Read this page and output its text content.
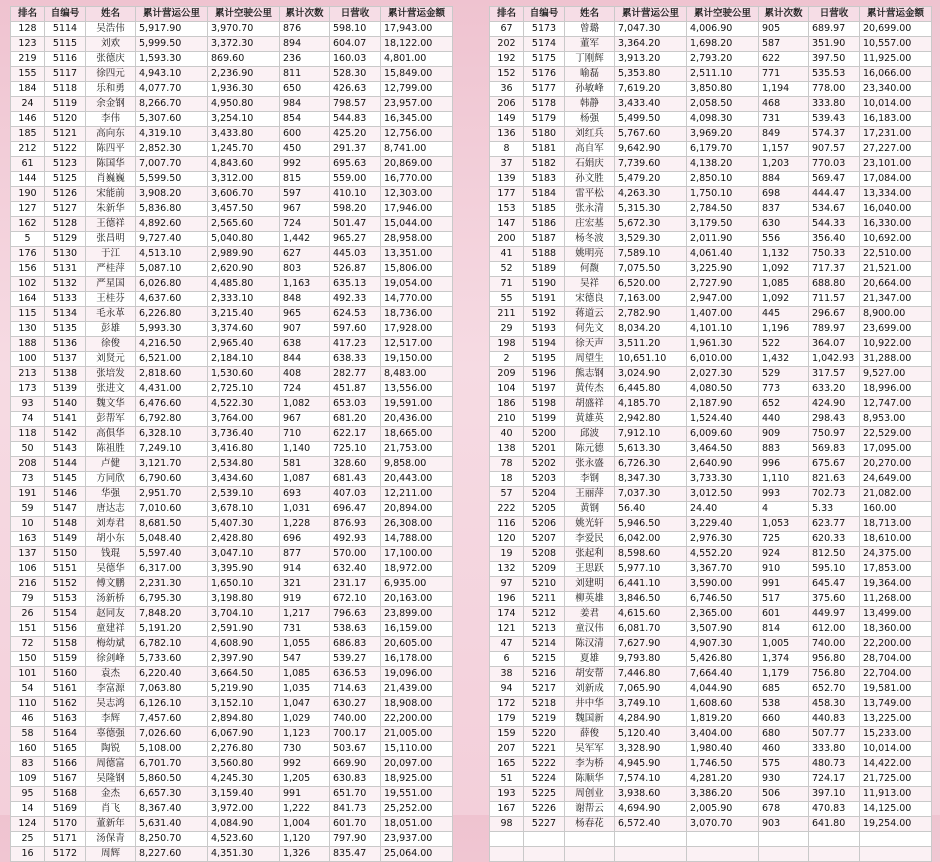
排名	自编号	姓名	累计营运公里	累计空驶公里	累计次数	日营收	累计营运金额
128	5114	吴浩伟	5,917.90	3,970.70	876	598.10	17,943.00
123	5115	刘欢	5,999.50	3,372.30	894	604.07	18,122.00
219	5116	张德庆	1,593.30	869.60	236	160.03	4,801.00
155	5117	徐四元	4,943.10	2,236.90	811	528.30	15,849.00
184	5118	乐和勇	4,077.70	1,936.30	650	426.63	12,799.00
24	5119	余金钢	8,266.70	4,950.80	984	798.57	23,957.00
146	5120	李伟	5,307.60	3,254.10	854	544.83	16,345.00
185	5121	高向东	4,319.10	3,433.80	600	425.20	12,756.00
212	5122	陈四平	2,852.30	1,245.70	450	291.37	8,741.00
61	5123	陈国华	7,007.70	4,843.60	992	695.63	20,869.00
144	5125	肖巍巍	5,599.50	3,312.00	815	559.00	16,770.00
190	5126	宋能前	3,908.20	3,606.70	597	410.10	12,303.00
127	5127	朱新华	5,836.80	3,457.50	967	598.20	17,946.00
162	5128	王德祥	4,892.60	2,565.60	724	501.47	15,044.00
5	5129	张昌明	9,727.40	5,040.80	1,442	965.27	28,958.00
176	5130	于江	4,513.10	2,989.90	627	445.03	13,351.00
156	5131	严桂萍	5,087.10	2,620.90	803	526.87	15,806.00
102	5132	严星国	6,026.80	4,485.80	1,163	635.13	19,054.00
164	5133	王桂芬	4,637.60	2,333.10	848	492.33	14,770.00
115	5134	毛永革	6,226.80	3,215.40	965	624.53	18,736.00
130	5135	彭雄	5,993.30	3,374.60	907	597.60	17,928.00
188	5136	徐俊	4,216.50	2,965.40	638	417.23	12,517.00
100	5137	刘贤元	6,521.00	2,184.10	844	638.33	19,150.00
213	5138	张培发	2,818.60	1,530.60	408	282.77	8,483.00
173	5139	张进文	4,431.00	2,725.10	724	451.87	13,556.00
93	5140	魏文华	6,476.60	4,522.30	1,082	653.03	19,591.00
74	5141	彭帮军	6,792.80	3,764.00	967	681.20	20,436.00
118	5142	高俱华	6,328.10	3,736.40	710	622.17	18,665.00
50	5143	陈祖胜	7,249.10	3,416.80	1,140	725.10	21,753.00
208	5144	卢健	3,121.70	2,534.80	581	328.60	9,858.00
73	5145	方同欣	6,790.60	3,434.60	1,087	681.43	20,443.00
191	5146	华强	2,951.70	2,539.10	693	407.03	12,211.00
59	5147	唐达志	7,010.60	3,678.10	1,031	696.47	20,894.00
10	5148	刘寿君	8,681.50	5,407.30	1,228	876.93	26,308.00
163	5149	胡小东	5,048.40	2,428.80	696	492.93	14,788.00
137	5150	钱琨	5,597.40	3,047.10	877	570.00	17,100.00
106	5151	吴德华	6,317.00	3,395.90	914	632.40	18,972.00
216	5152	傅文鹏	2,231.30	1,650.10	321	231.17	6,935.00
79	5153	汤新桥	6,795.30	3,198.80	919	672.10	20,163.00
26	5154	赵同友	7,848.20	3,704.10	1,217	796.63	23,899.00
151	5156	童建祥	5,191.20	2,591.90	731	538.63	16,159.00
72	5158	梅幼斌	6,782.10	4,608.90	1,055	686.83	20,605.00
150	5159	徐剑峰	5,733.60	2,397.90	547	539.27	16,178.00
101	5160	袁杰	6,220.40	3,664.50	1,085	636.53	19,096.00
54	5161	李富源	7,063.80	5,219.90	1,035	714.63	21,439.00
110	5162	吴志鸿	6,126.10	3,152.10	1,047	630.27	18,908.00
46	5163	李辉	7,457.60	2,894.80	1,029	740.00	22,200.00
58	5164	辜德强	7,026.60	6,067.90	1,123	700.17	21,005.00
160	5165	陶锐	5,108.00	2,276.80	730	503.67	15,110.00
83	5166	周德富	6,701.70	3,560.80	992	669.90	20,097.00
109	5167	吴隆钢	5,860.50	4,245.30	1,205	630.83	18,925.00
95	5168	金杰	6,657.30	3,159.40	991	651.70	19,551.00
14	5169	肖飞	8,367.40	3,972.00	1,222	841.73	25,252.00
124	5170	董新年	5,631.40	4,084.90	1,004	601.70	18,051.00
25	5171	汤保青	8,250.70	4,523.60	1,120	797.90	23,937.00
16	5172	周辉	8,227.60	4,351.30	1,326	835.47	25,064.00
排名	自编号	姓名	累计营运公里	累计空驶公里	累计次数	日营收	累计营运金额
67	5173	曾璐	7,047.30	4,006.90	905	689.97	20,699.00
202	5174	董军	3,364.20	1,698.20	587	351.90	10,557.00
192	5175	丁刚辉	3,913.20	2,793.20	622	397.50	11,925.00
152	5176	喻磊	5,353.80	2,511.10	771	535.53	16,066.00
36	5177	孙敏峰	7,619.20	3,850.80	1,194	778.00	23,340.00
206	5178	韩静	3,433.40	2,058.50	468	333.80	10,014.00
149	5179	杨强	5,499.50	4,098.30	731	539.43	16,183.00
136	5180	刘红兵	5,767.60	3,969.20	849	574.37	17,231.00
8	5181	高自军	9,642.90	6,179.70	1,157	907.57	27,227.00
37	5182	石娟庆	7,739.60	4,138.20	1,203	770.03	23,101.00
139	5183	孙文胜	5,479.20	2,850.10	884	569.47	17,084.00
177	5184	雷平松	4,263.30	1,750.10	698	444.47	13,334.00
153	5185	张永清	5,315.30	2,784.50	837	534.67	16,040.00
147	5186	庄宏基	5,672.30	3,179.50	630	544.33	16,330.00
200	5187	杨冬波	3,529.30	2,011.90	556	356.40	10,692.00
41	5188	姚明亮	7,589.10	4,061.40	1,132	750.33	22,510.00
52	5189	何馥	7,075.50	3,225.90	1,092	717.37	21,521.00
71	5190	吴祥	6,520.00	2,727.90	1,085	688.80	20,664.00
55	5191	宋德良	7,163.00	2,947.00	1,092	711.57	21,347.00
211	5192	蒋道云	2,782.90	1,407.00	445	296.67	8,900.00
29	5193	何先文	8,034.20	4,101.10	1,196	789.97	23,699.00
198	5194	徐天声	3,511.20	1,961.30	522	364.07	10,922.00
2	5195	周望生	10,651.10	6,010.00	1,432	1,042.93	31,288.00
209	5196	熊志钢	3,024.90	2,027.30	529	317.57	9,527.00
104	5197	黄传杰	6,445.80	4,080.50	773	633.20	18,996.00
186	5198	胡盛祥	4,185.70	2,187.90	652	424.90	12,747.00
210	5199	黄雄英	2,942.80	1,524.40	440	298.43	8,953.00
40	5200	邱波	7,912.10	6,009.60	909	750.97	22,529.00
138	5201	陈元德	5,613.30	3,464.50	883	569.83	17,095.00
78	5202	张永盛	6,726.30	2,640.90	996	675.67	20,270.00
18	5203	李钢	8,347.30	3,733.30	1,110	821.63	24,649.00
57	5204	王丽萍	7,037.30	3,012.50	993	702.73	21,082.00
222	5205	黄钢	56.40	24.40	4	5.33	160.00
116	5206	姚光轩	5,946.50	3,229.40	1,053	623.77	18,713.00
120	5207	李爱民	6,042.00	2,976.30	725	620.33	18,610.00
19	5208	张起利	8,598.60	4,552.20	924	812.50	24,375.00
132	5209	王思跃	5,977.10	3,367.70	910	595.10	17,853.00
97	5210	刘建明	6,441.10	3,590.00	991	645.47	19,364.00
196	5211	柳英雄	3,846.50	6,746.50	517	375.60	11,268.00
174	5212	姜君	4,615.60	2,365.00	601	449.97	13,499.00
121	5213	童汉伟	6,081.70	3,507.90	814	612.00	18,360.00
47	5214	陈汉清	7,627.90	4,907.30	1,005	740.00	22,200.00
6	5215	夏雄	9,793.80	5,426.80	1,374	956.80	28,704.00
38	5216	胡安帮	7,446.80	7,664.40	1,179	756.80	22,704.00
94	5217	刘新成	7,065.90	4,044.90	685	652.70	19,581.00
172	5218	井中华	3,749.10	1,608.60	538	458.30	13,749.00
179	5219	魏国新	4,284.90	1,819.20	660	440.83	13,225.00
159	5220	薛俊	5,120.40	3,404.00	680	507.77	15,233.00
207	5221	吴军军	3,328.90	1,980.40	460	333.80	10,014.00
165	5222	李为桥	4,945.90	1,746.50	575	480.73	14,422.00
51	5224	陈顺华	7,574.10	4,281.20	930	724.17	21,725.00
193	5225	周创业	3,938.60	3,386.20	506	397.10	11,913.00
167	5226	谢帮云	4,694.90	2,005.90	678	470.83	14,125.00
98	5227	杨春花	6,572.40	3,070.70	903	641.80	19,254.00
